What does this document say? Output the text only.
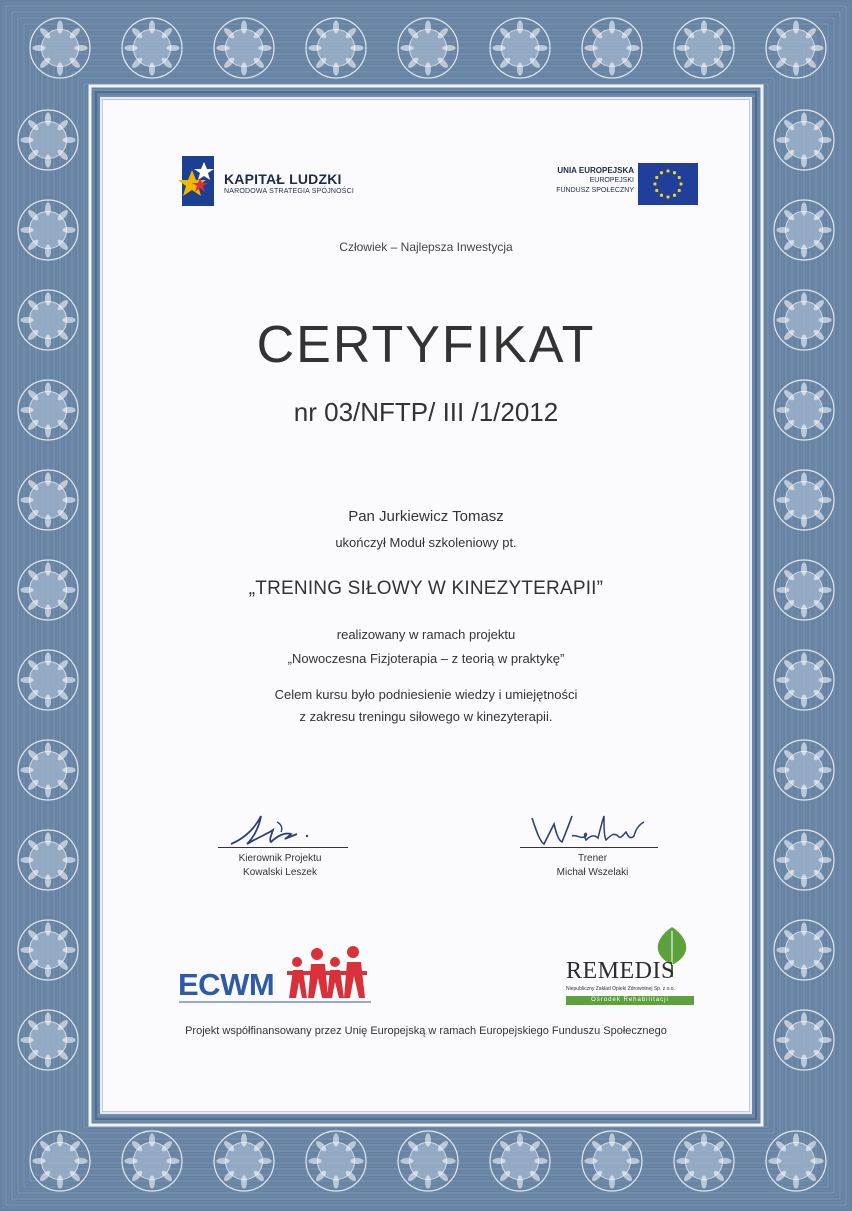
KAPITAŁ LUDZKI
NARODOWA STRATEGIA SPÓJNOŚCI
UNIA EUROPEJSKA
EUROPEJSKI
FUNDUSZ SPOŁECZNY
Człowiek – Najlepsza Inwestycja
CERTYFIKAT
nr 03/NFTP/ III /1/2012
Pan Jurkiewicz Tomasz
ukończył Moduł szkoleniowy pt.
„TRENING SIŁOWY W KINEZYTERAPII”
realizowany w ramach projektu
„Nowoczesna Fizjoterapia – z teorią w praktykę”
Celem kursu było podniesienie wiedzy i umiejętności
z zakresu treningu siłowego w kinezyterapii.
Kierownik Projektu
Kowalski Leszek
Trener
Michał Wszelaki
ECWM	REMEDIS
Niepubliczny Zakład Opieki Zdrowotnej Sp. z o.o.
Ośrodek Rehabilitacji
Projekt współfinansowany przez Unię Europejską w ramach Europejskiego Funduszu Społecznego
